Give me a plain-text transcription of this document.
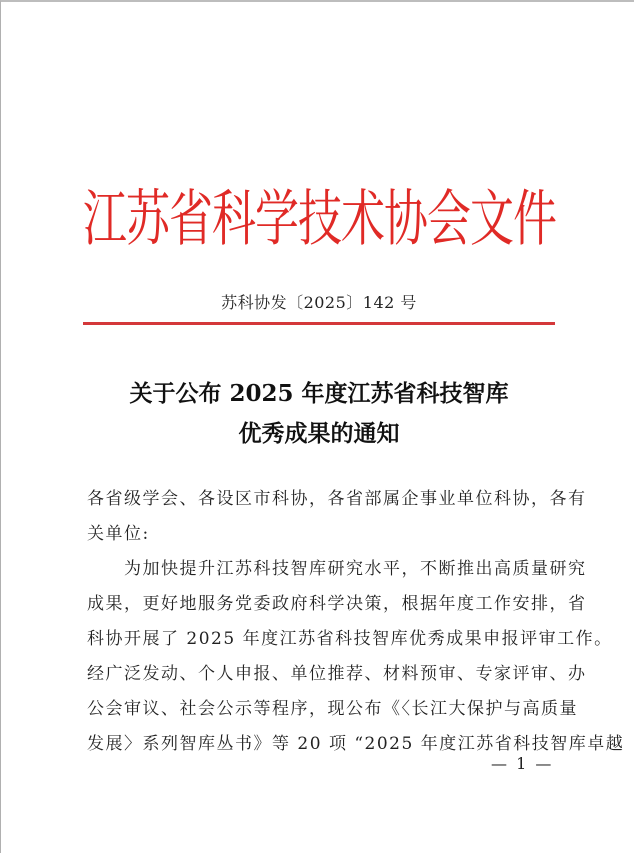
江苏省科学技术协会文件
苏科协发〔2025〕142 号
关于公布 2025 年度江苏省科技智库
优秀成果的通知
各省级学会、各设区市科协，各省部属企事业单位科协，各有
关单位:
为加快提升江苏科技智库研究水平，不断推出高质量研究
成果，更好地服务党委政府科学决策，根据年度工作安排，省
科协开展了 2025 年度江苏省科技智库优秀成果申报评审工作。
经广泛发动、个人申报、单位推荐、材料预审、专家评审、办
公会审议、社会公示等程序，现公布《〈长江大保护与高质量
发展〉系列智库丛书》等 20 项 “2025 年度江苏省科技智库卓越
— 1 —
